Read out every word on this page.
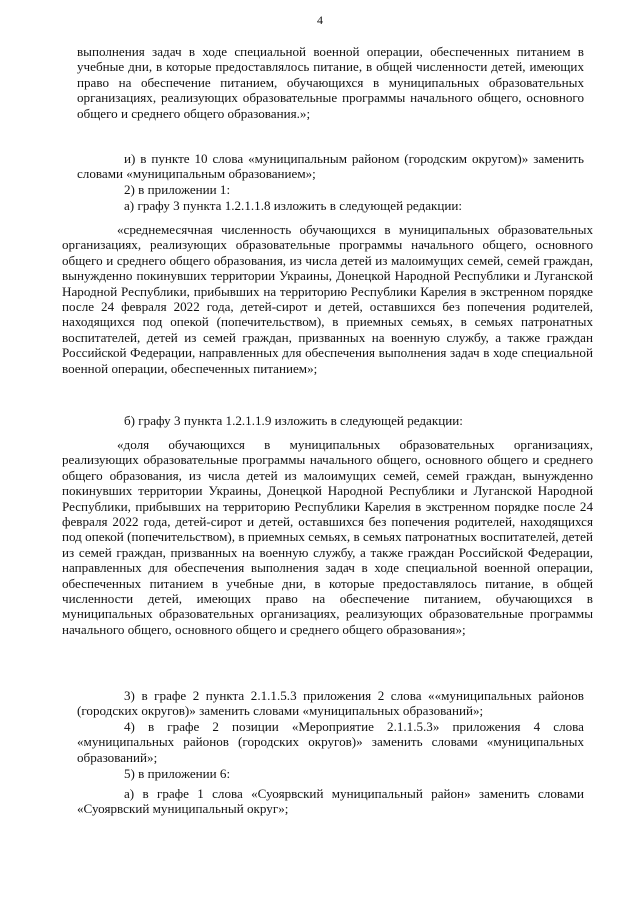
4
выполнения задач в ходе специальной военной операции, обеспеченных питанием в учебные дни, в которые предоставлялось питание, в общей численности детей, имеющих право на обеспечение питанием, обучающихся в муниципальных образовательных организациях, реализующих образовательные программы начального общего, основного общего и среднего общего образования.»;
и) в пункте 10 слова «муниципальным районом (городским округом)» заменить словами «муниципальным образованием»;
2) в приложении 1:
а) графу 3 пункта 1.2.1.1.8 изложить в следующей редакции:
«среднемесячная численность обучающихся в муниципальных образовательных организациях, реализующих образовательные программы начального общего, основного общего и среднего общего образования, из числа детей из малоимущих семей, семей граждан, вынужденно покинувших территории Украины, Донецкой Народной Республики и Луганской Народной Республики, прибывших на территорию Республики Карелия в экстренном порядке после 24 февраля 2022 года, детей-сирот и детей, оставшихся без попечения родителей, находящихся под опекой (попечительством), в приемных семьях, в семьях патронатных воспитателей, детей из семей граждан, призванных на военную службу, а также граждан Российской Федерации, направленных для обеспечения выполнения задач в ходе специальной военной операции, обеспеченных питанием»;
б) графу 3 пункта 1.2.1.1.9 изложить в следующей редакции:
«доля обучающихся в муниципальных образовательных организациях, реализующих образовательные программы начального общего, основного общего и среднего общего образования, из числа детей из малоимущих семей, семей граждан, вынужденно покинувших территории Украины, Донецкой Народной Республики и Луганской Народной Республики, прибывших на территорию Республики Карелия в экстренном порядке после 24 февраля 2022 года, детей-сирот и детей, оставшихся без попечения родителей, находящихся под опекой (попечительством), в приемных семьях, в семьях патронатных воспитателей, детей из семей граждан, призванных на военную службу, а также граждан Российской Федерации, направленных для обеспечения выполнения задач в ходе специальной военной операции, обеспеченных питанием в учебные дни, в которые предоставлялось питание, в общей численности детей, имеющих право на обеспечение питанием, обучающихся в муниципальных образовательных организациях, реализующих образовательные программы начального общего, основного общего и среднего общего образования»;
3) в графе 2 пункта 2.1.1.5.3 приложения 2 слова ««муниципальных районов (городских округов)» заменить словами «муниципальных образований»;
4) в графе 2 позиции «Мероприятие 2.1.1.5.3» приложения 4 слова «муниципальных районов (городских округов)» заменить словами «муниципальных образований»;
5) в приложении 6:
а) в графе 1 слова «Суоярвский муниципальный район» заменить словами «Суоярвский муниципальный округ»;
